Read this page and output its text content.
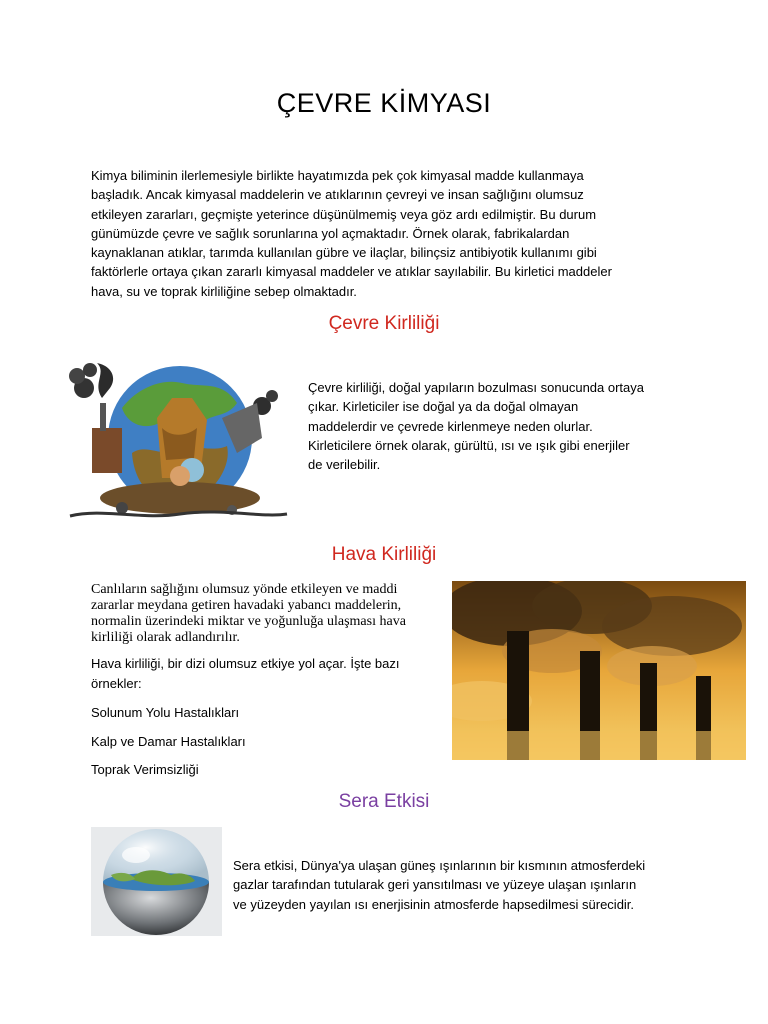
ÇEVRE KİMYASI
Kimya biliminin ilerlemesiyle birlikte hayatımızda pek çok kimyasal madde kullanmaya
başladık. Ancak kimyasal maddelerin ve atıklarının çevreyi ve insan sağlığını olumsuz
etkileyen zararları, geçmişte yeterince düşünülmemiş veya göz ardı edilmiştir. Bu durum
günümüzde çevre ve sağlık sorunlarına yol açmaktadır. Örnek olarak, fabrikalardan
kaynaklanan atıklar, tarımda kullanılan gübre ve ilaçlar, bilinçsiz antibiyotik kullanımı gibi
faktörlerle ortaya çıkan zararlı kimyasal maddeler ve atıklar sayılabilir. Bu kirletici maddeler
hava, su ve toprak kirliliğine sebep olmaktadır.
Çevre Kirliliği
Çevre kirliliği, doğal yapıların bozulması sonucunda ortaya
çıkar. Kirleticiler ise doğal ya da doğal olmayan
maddelerdir ve çevrede kirlenmeye neden olurlar.
Kirleticilere örnek olarak, gürültü, ısı ve ışık gibi enerjiler
de verilebilir.
Hava Kirliliği
Canlıların sağlığını olumsuz yönde etkileyen ve maddi
zararlar meydana getiren havadaki yabancı maddelerin,
normalin üzerindeki miktar ve yoğunluğa ulaşması hava
kirliliği olarak adlandırılır.
Hava kirliliği, bir dizi olumsuz etkiye yol açar. İşte bazı
örnekler:
Solunum Yolu Hastalıkları
Kalp ve Damar Hastalıkları
Toprak Verimsizliği
Sera Etkisi
Sera etkisi, Dünya'ya ulaşan güneş ışınlarının bir kısmının atmosferdeki
gazlar tarafından tutularak geri yansıtılması ve yüzeye ulaşan ışınların
ve yüzeyden yayılan ısı enerjisinin atmosferde hapsedilmesi sürecidir.
